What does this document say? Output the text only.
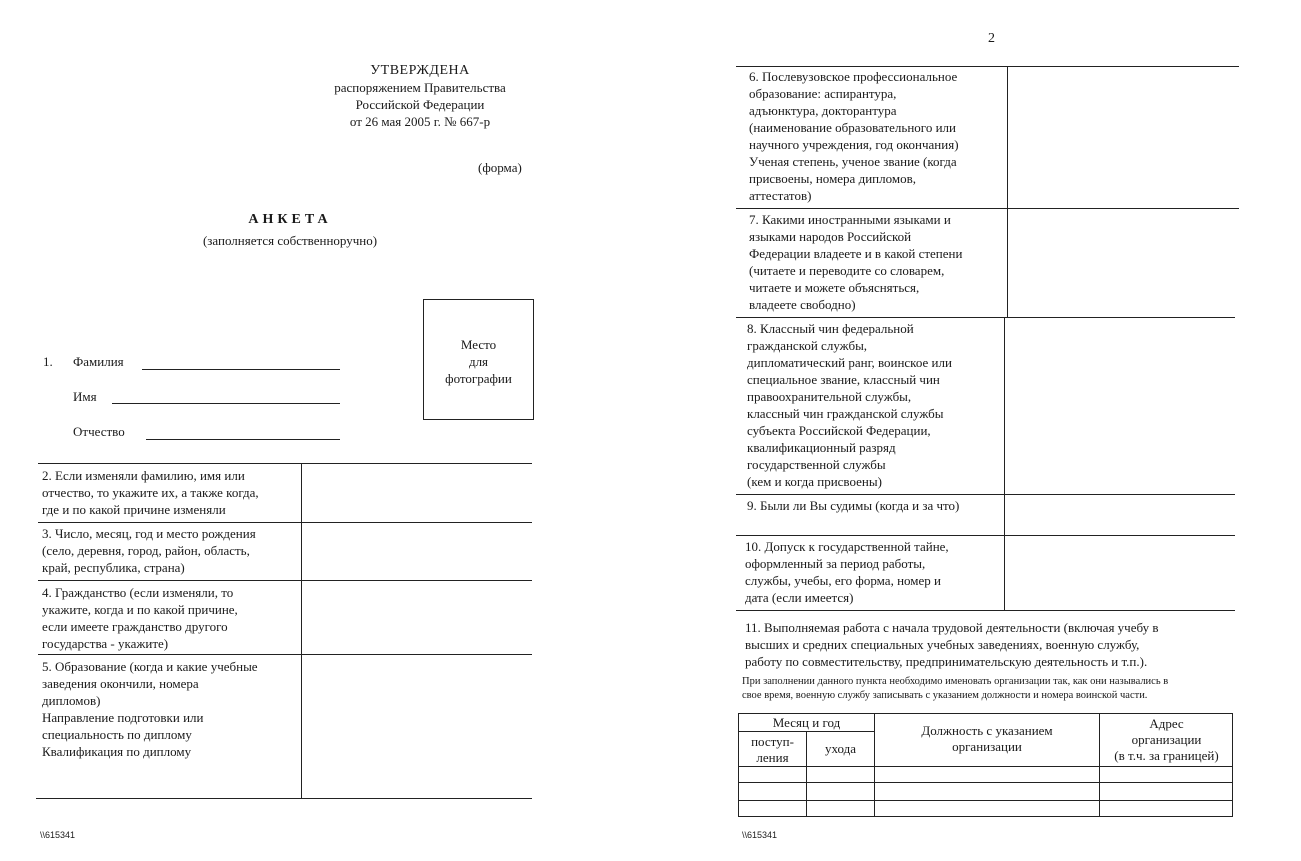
УТВЕРЖДЕНА
распоряжением Правительства
Российской Федерации
от 26 мая 2005 г. № 667-р
(форма)
АНКЕТА
(заполняется собственноручно)
Место
для
фотографии
1. Фамилия
Имя
Отчество
2. Если изменяли фамилию, имя или
отчество, то укажите их, а также когда,
где и по какой причине изменяли
3. Число, месяц, год и место рождения
(село, деревня, город, район, область,
край, республика, страна)
4. Гражданство (если изменяли, то
укажите, когда и по какой причине,
если имеете гражданство другого
государства - укажите)
5. Образование (когда и какие учебные
заведения окончили, номера
дипломов)
Направление подготовки или
специальность по диплому
Квалификация по диплому
\\615341
2
6. Послевузовское профессиональное
образование: аспирантура,
адъюнктура, докторантура
(наименование образовательного или
научного учреждения, год окончания)
Ученая степень, ученое звание (когда
присвоены, номера дипломов,
аттестатов)
7. Какими иностранными языками и
языками народов Российской
Федерации владеете и в какой степени
(читаете и переводите со словарем,
читаете и можете объясняться,
владеете свободно)
8. Классный чин федеральной
гражданской службы,
дипломатический ранг, воинское или
специальное звание, классный чин
правоохранительной службы,
классный чин гражданской службы
субъекта Российской Федерации,
квалификационный разряд
государственной службы
(кем и когда присвоены)
9. Были ли Вы судимы (когда и за что)
10. Допуск к государственной тайне,
оформленный за период работы,
службы, учебы, его форма, номер и
дата (если имеется)
11. Выполняемая работа с начала трудовой деятельности (включая учебу в
высших и средних специальных учебных заведениях, военную службу,
работу по совместительству, предпринимательскую деятельность и т.п.).
При заполнении данного пункта необходимо именовать организации так, как они назывались в
свое время, военную службу записывать с указанием должности и номера воинской части.
Месяц и год
поступ-
ления
ухода
Должность с указанием
организации
Адрес
организации
(в т.ч. за границей)
\\615341
